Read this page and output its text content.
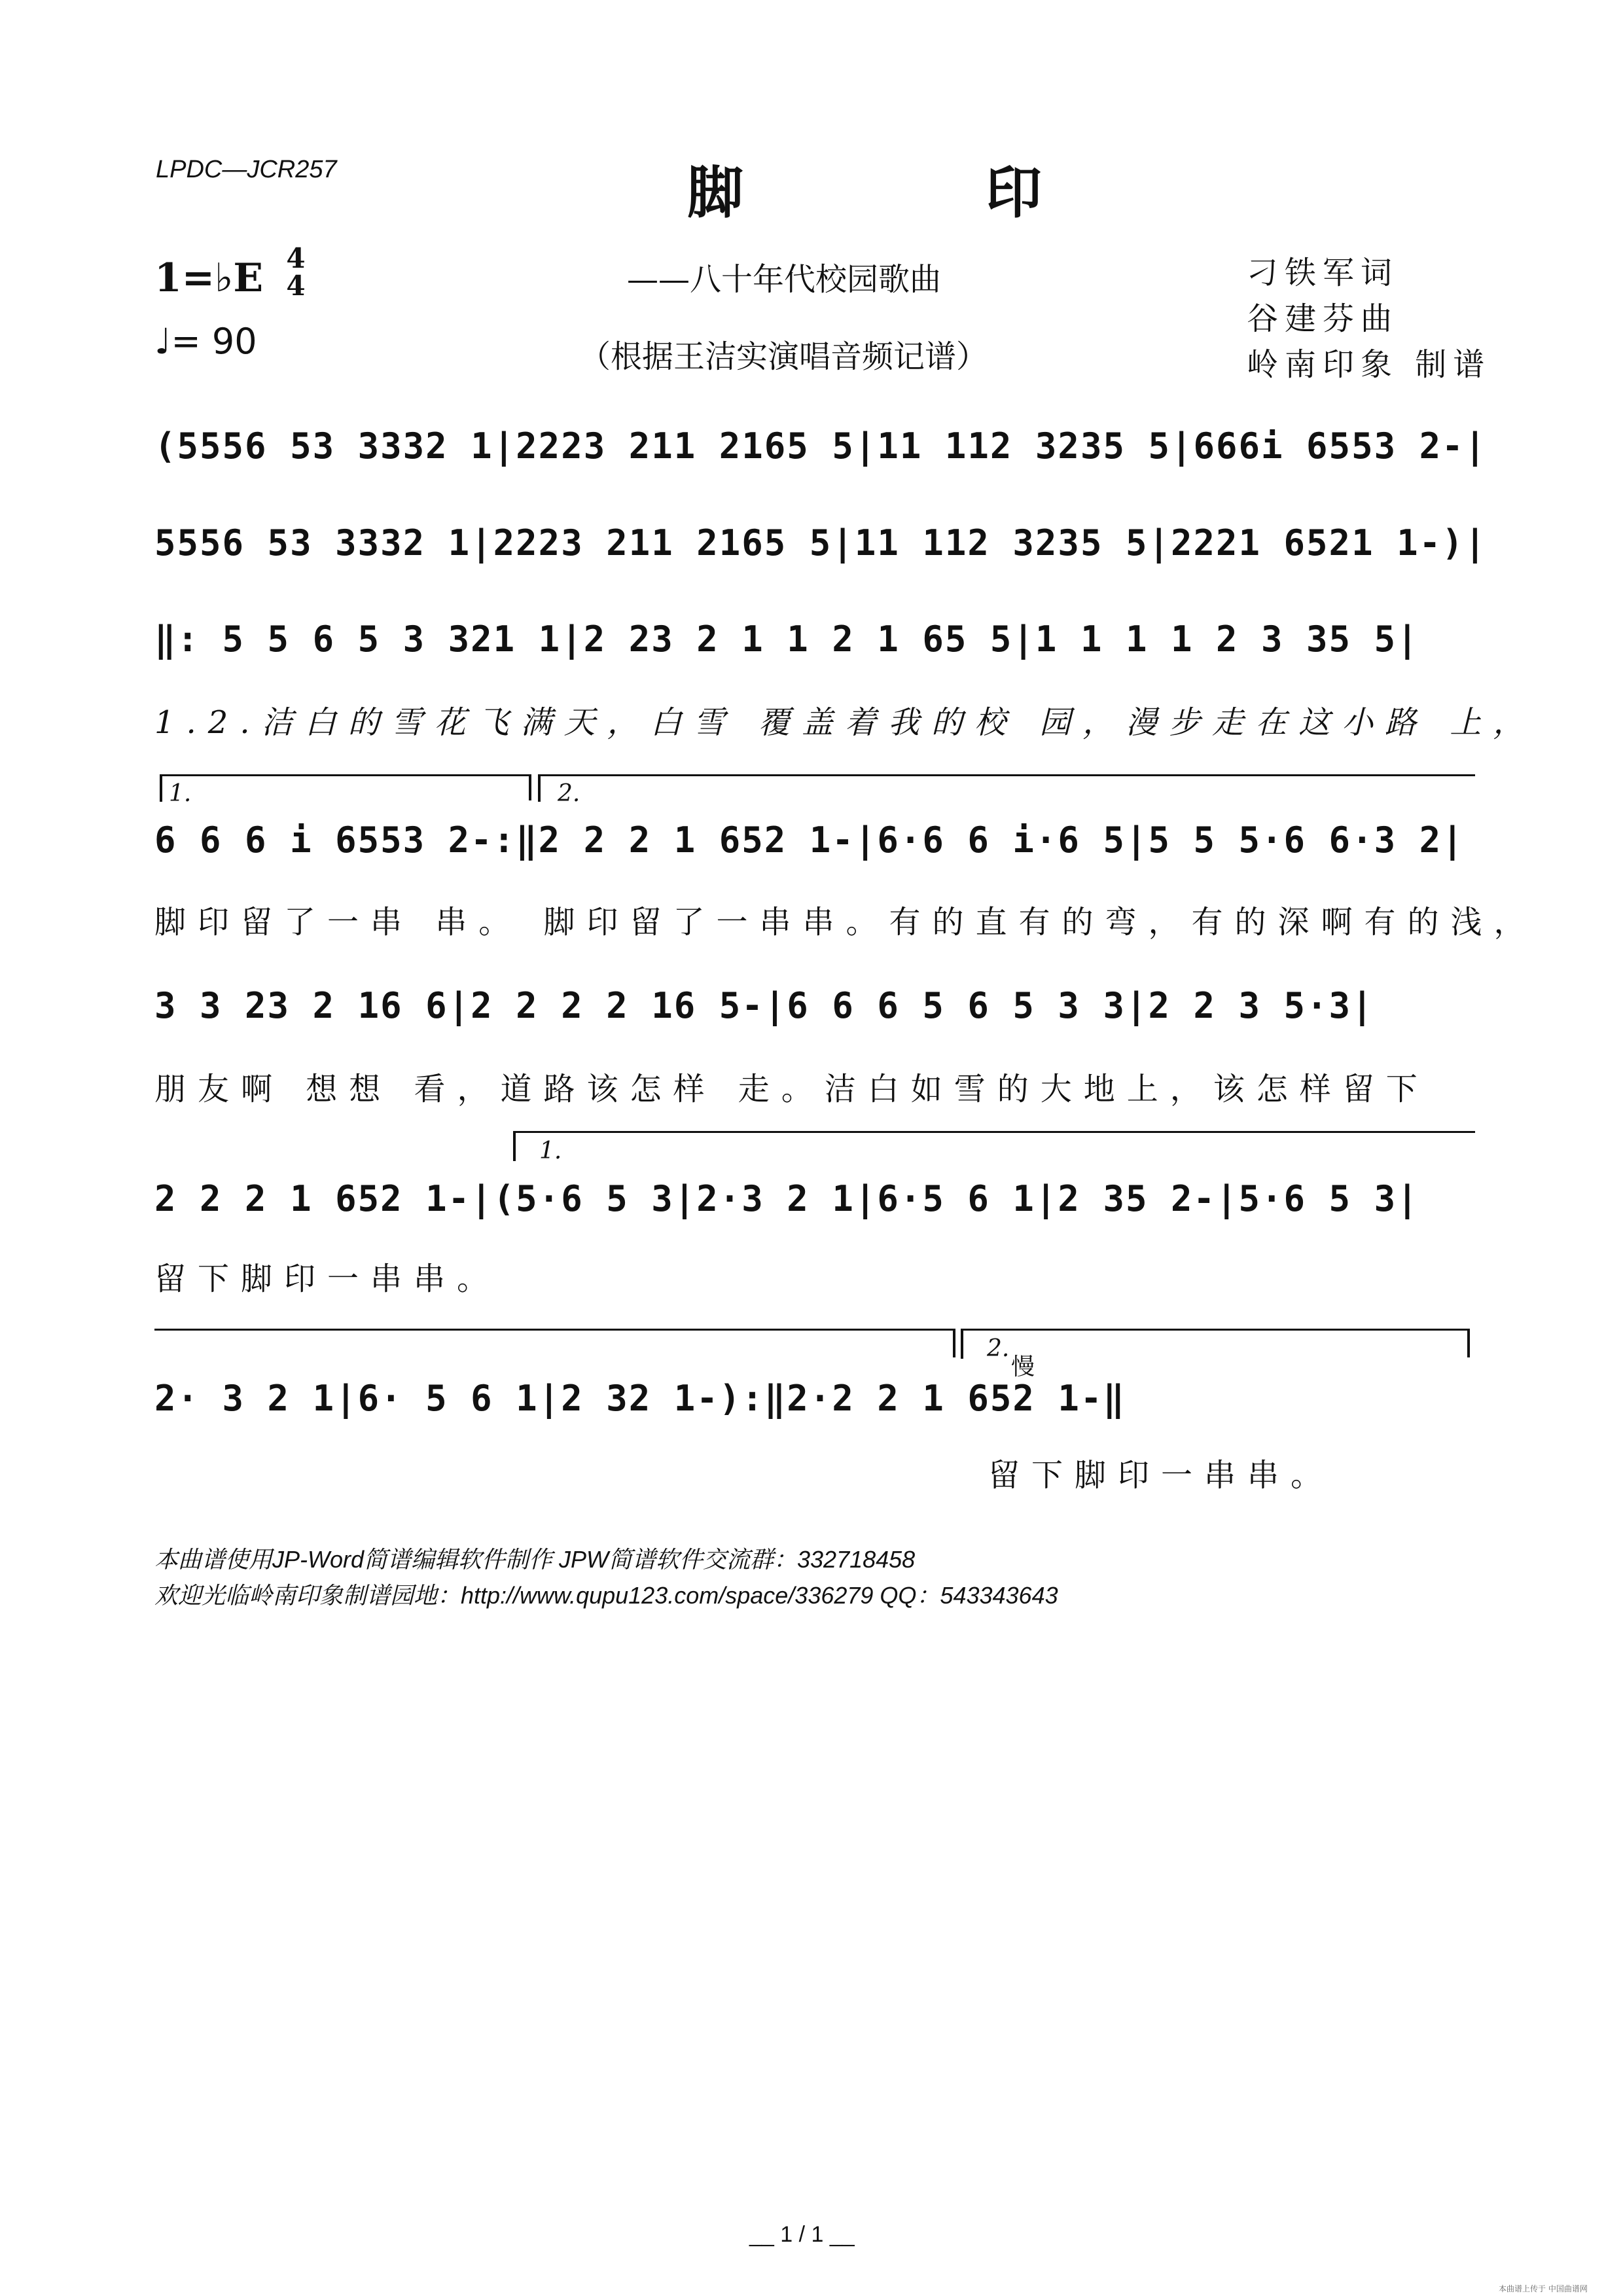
LPDC—JCR257	脚 印
——八十年代校园歌曲
（根据王洁实演唱音频记谱）
刁铁军词
谷建芬曲
岭南印象 制谱
1=♭E 4
4
♩= 90
(5556 53 3332 1|2223 211 2165 5|11 112 3235 5|666i 6553 2-|
5556 53 3332 1|2223 211 2165 5|11 112 3235 5|2221 6521 1-)|
‖: 5 5 6 5 3 321 1|2 23 2 1 1 2 1 65 5|1 1 1 1 2 3 35 5|
1.2.洁白的雪花飞满天，白雪 覆盖着我的校 园，漫步走在这小路 上，
1.	2.
6 6 6 i 6553 2-:‖2 2 2 1 652 1-|6·6 6 i·6 5|5 5 5·6 6·3 2|
脚印留了一串 串。 脚印留了一串串。有的直有的弯，有的深啊有的浅，
3 3 23 2 16 6|2 2 2 2 16 5-|6 6 6 5 6 5 3 3|2 2 3 5·3|
朋友啊 想想 看，道路该怎样 走。洁白如雪的大地上，该怎样留下
1.
2 2 2 1 652 1-|(5·6 5 3|2·3 2 1|6·5 6 1|2 35 2-|5·6 5 3|
留下脚印一串串。
2.
慢
2· 3 2 1|6· 5 6 1|2 32 1-):‖2·2 2 1 652 1-‖
留下脚印一串串。
本曲谱使用JP-Word简谱编辑软件制作 JPW简谱软件交流群：332718458
欢迎光临岭南印象制谱园地：http://www.qupu123.com/space/336279 QQ：543343643
__ 1 / 1 __
本曲谱上传于 中国曲谱网
